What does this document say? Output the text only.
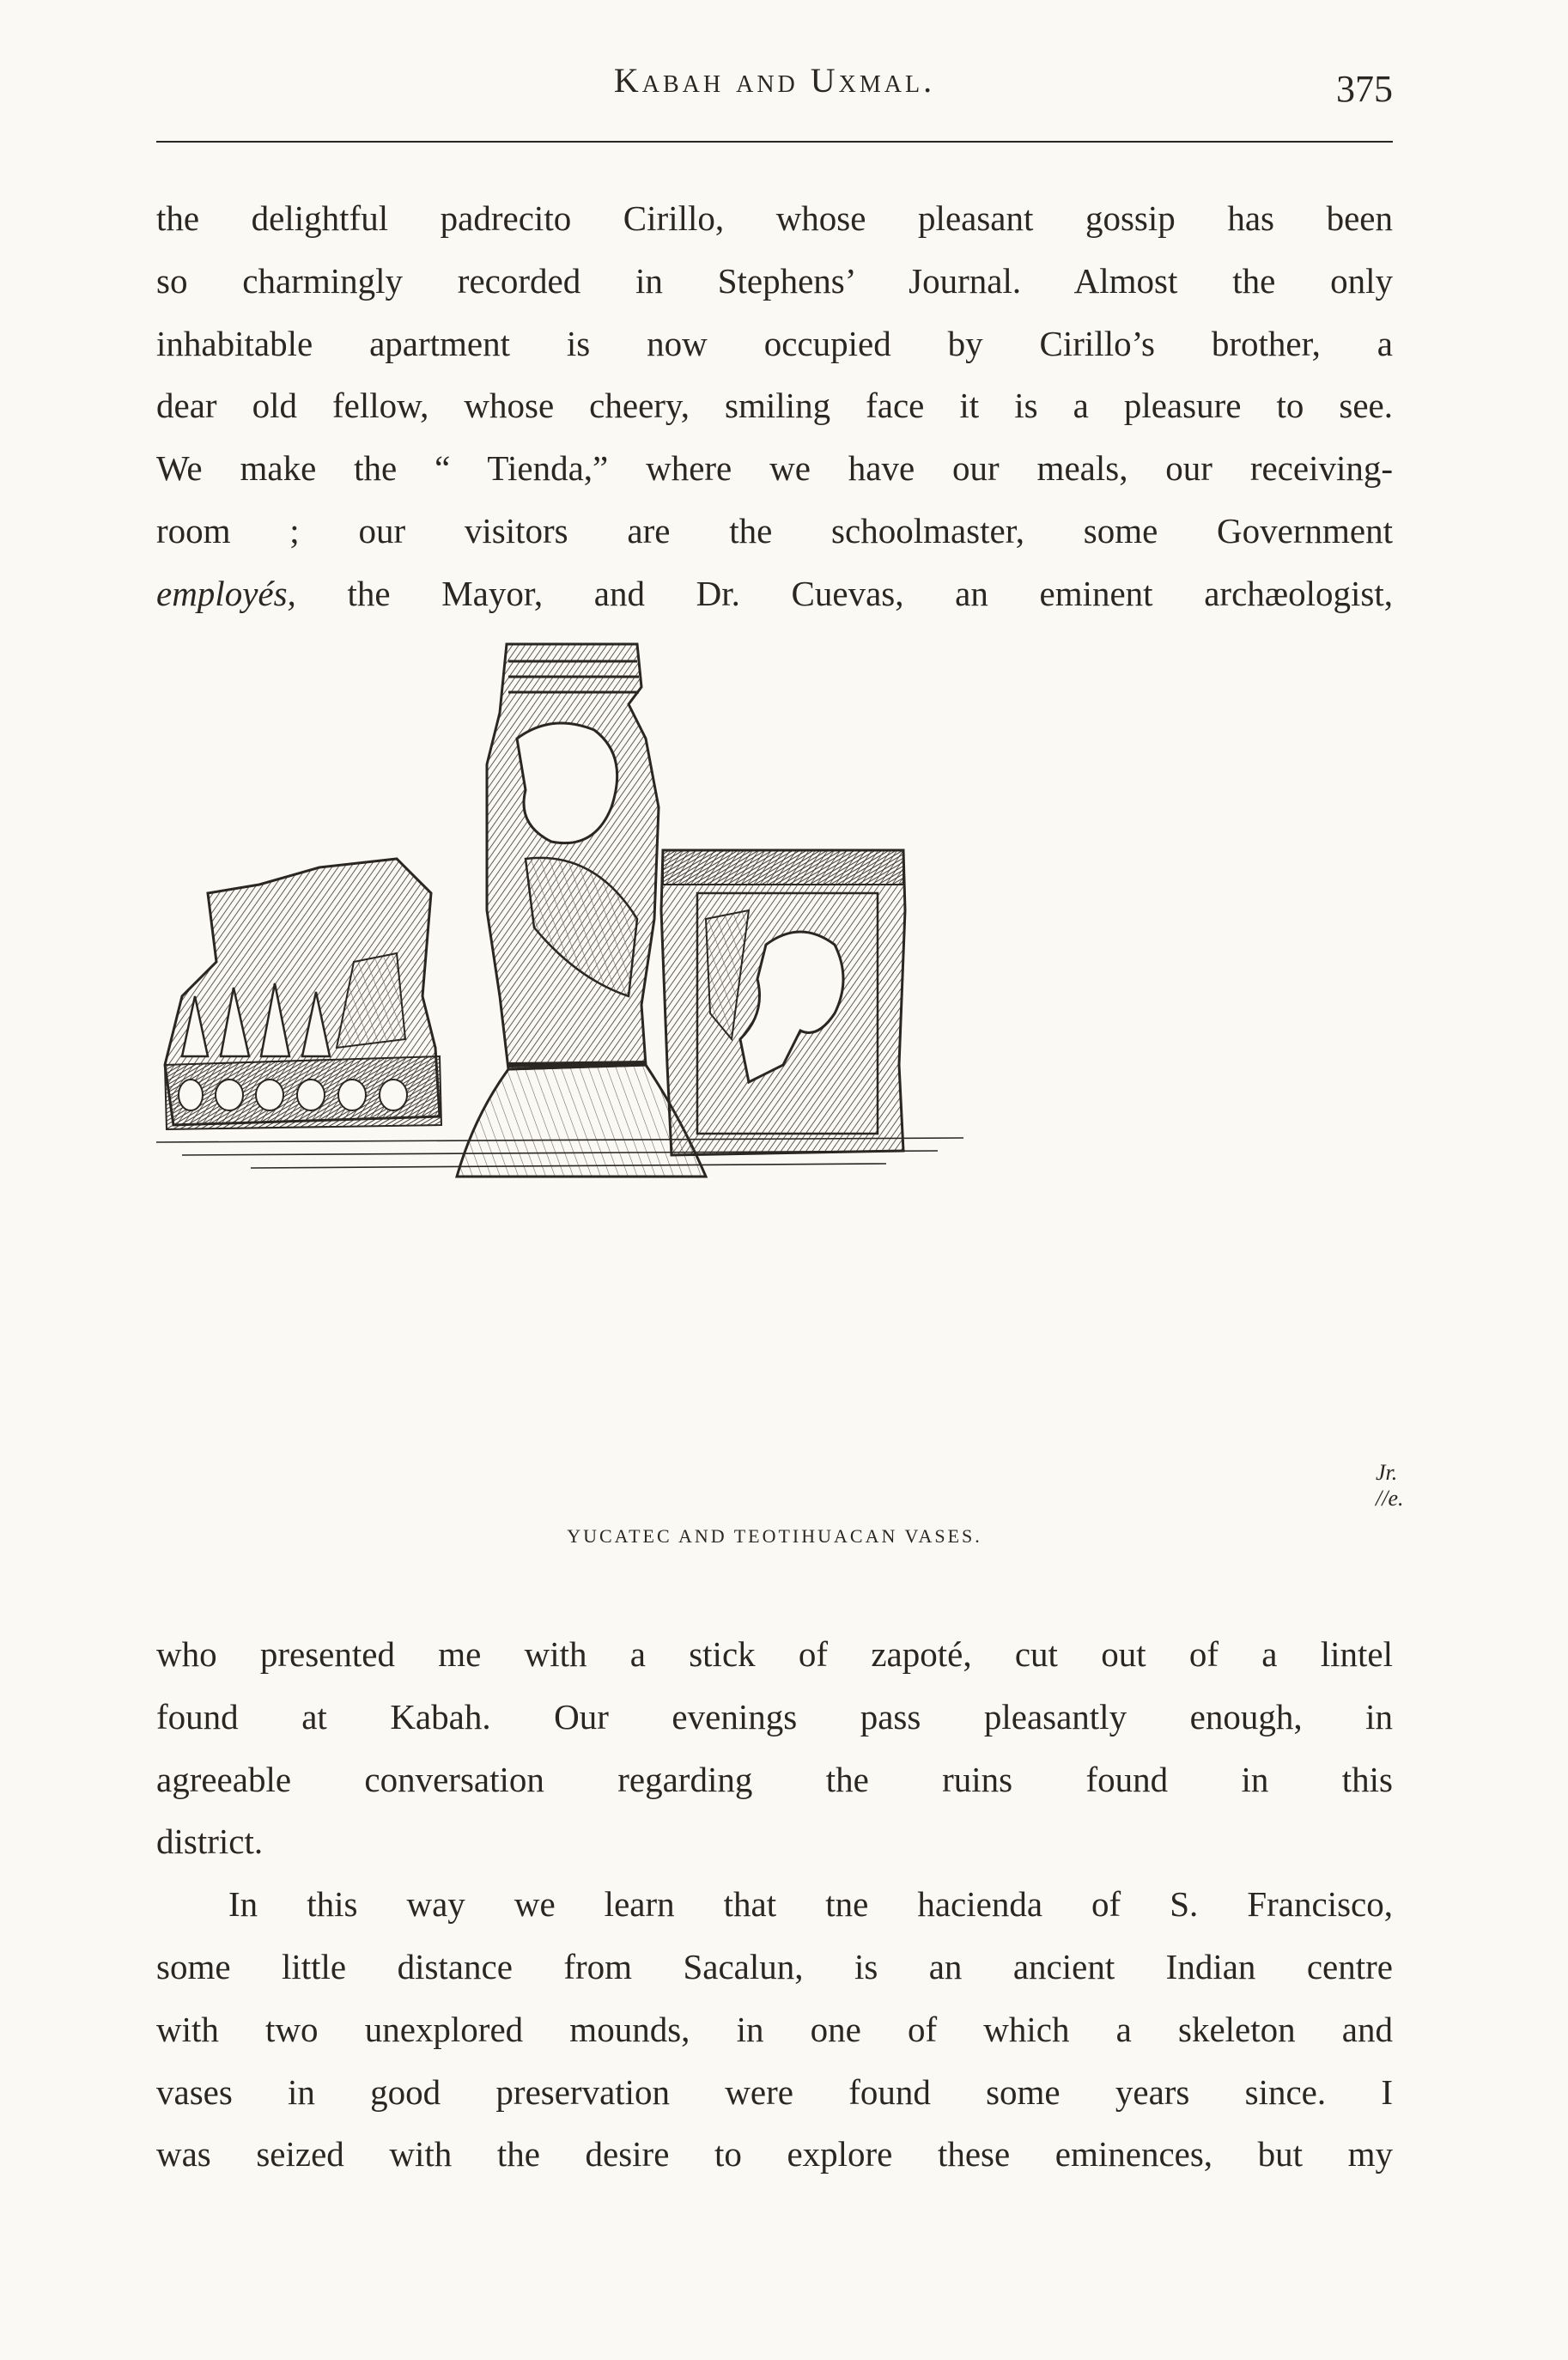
Kabah and Uxmal.	375
the delightful padrecito Cirillo, whose pleasant gossip has been
so charmingly recorded in Stephens’ Journal. Almost the only
inhabitable apartment is now occupied by Cirillo’s brother, a
dear old fellow, whose cheery, smiling face it is a pleasure to see.
We make the “ Tienda,” where we have our meals, our receiving-
room ; our visitors are the schoolmaster, some Government
employés, the Mayor, and Dr. Cuevas, an eminent archæologist,
Jr. //e.
YUCATEC AND TEOTIHUACAN VASES.
who presented me with a stick of zapoté, cut out of a lintel
found at Kabah. Our evenings pass pleasantly enough, in
agreeable conversation regarding the ruins found in this
district.
In this way we learn that tne hacienda of S. Francisco,
some little distance from Sacalun, is an ancient Indian centre
with two unexplored mounds, in one of which a skeleton and
vases in good preservation were found some years since. I
was seized with the desire to explore these eminences, but my
